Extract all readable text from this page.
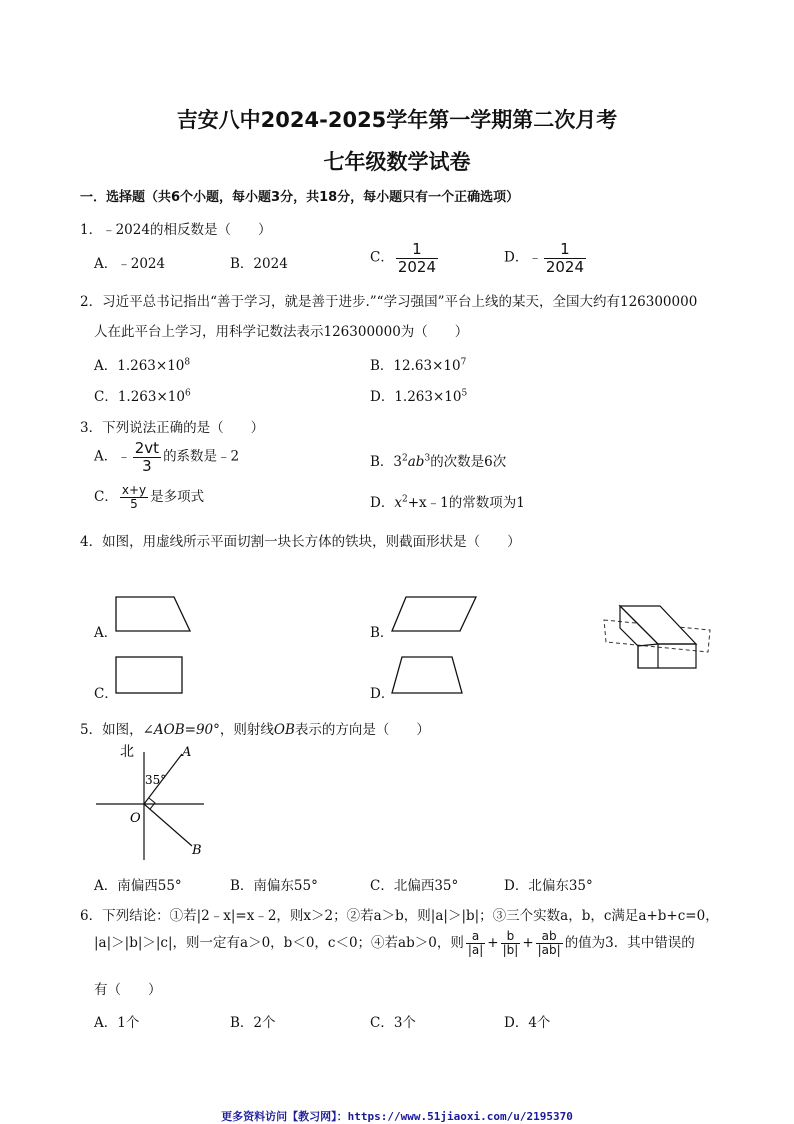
吉安八中2024-2025学年第一学期第二次月考
七年级数学试卷
一．选择题（共6个小题，每小题3分，共18分，每小题只有一个正确选项）
1．﹣2024的相反数是（　　）
A．﹣2024	B．2024	C． $\frac{1}{2024}$	D．﹣ $\frac{1}{2024}$
2．习近平总书记指出“善于学习，就是善于进步.”“学习强国”平台上线的某天，全国大约有126300000
人在此平台上学习，用科学记数法表示126300000为（　　）
A．$1.263\times 10^8$	B．$12.63\times 10^7$
C．$1.263\times 10^6$	D．$1.263\times 10^5$
3．下列说法正确的是（　　）
A．﹣ $\frac{2vt}{3}$ 的系数是﹣2	B．$3^2ab^3$的次数是6次
C． $\frac{x+y}{5}$ 是多项式	D．$x^2+x﹣1$的常数项为1
4．如图，用虚线所示平面切割一块长方体的铁块，则截面形状是（　　）
A．	B．
C．	D．
5．如图，∠AOB=90°，则射线OB表示的方向是（　　）
北
35°
A
O
B
A．南偏西55°	B．南偏东55°	C．北偏西35°	D．北偏东35°
6．下列结论：①若|2﹣x|=x﹣2，则x＞2；②若a＞b，则|a|＞|b|；③三个实数a，b，c满足a+b+c=0，
|a|＞|b|＞|c|，则一定有a＞0，b＜0，c＜0；④若ab＞0，则 $\frac{a}{|a|} + \frac{b}{|b|} + \frac{ab}{|ab|}$ 的值为3．其中错误的
有（　　）
A．1个	B．2个	C．3个	D．4个
更多资料访问【教习网】：https://www.51jiaoxi.com/u/2195370
